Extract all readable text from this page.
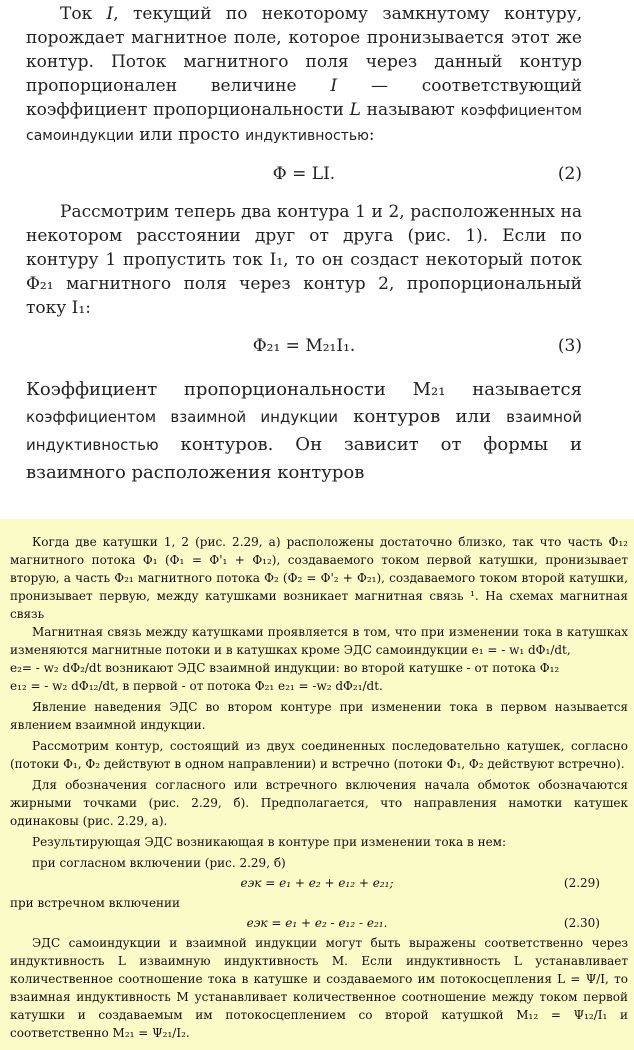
Ток I, текущий по некоторому замкнутому контуру, порождает магнитное поле, которое пронизывается этот же контур. Поток магнитного поля через данный контур пропорционален величине I — соответствующий коэффициент пропорциональности L называют коэффициентом самоиндукции или просто индуктивностью:

Φ = LI.	(2)

Рассмотрим теперь два контура 1 и 2, расположенных на некотором расстоянии друг от друга (рис. 1). Если по контуру 1 пропустить ток I₁, то он создаст некоторый поток Φ₂₁ магнитного поля через контур 2, пропорциональный току I₁:

Φ₂₁ = M₂₁I₁.	(3)

Коэффициент пропорциональности M₂₁ называется коэффициентом взаимной индукции контуров или взаимной индуктивностью контуров. Он зависит от формы и взаимного расположения контуров

Когда две катушки 1, 2 (рис. 2.29, а) расположены достаточно близко, так что часть Φ₁₂ магнитного потока Φ₁ (Φ₁ = Φ'₁ + Φ₁₂), создаваемого током первой катушки, пронизывает вторую, а часть Φ₂₁ магнитного потока Φ₂ (Φ₂ = Φ'₂ + Φ₂₁), создаваемого током второй катушки, пронизывает первую, между катушками возникает магнитная связь ¹. На схемах магнитная связь

Магнитная связь между катушками проявляется в том, что при изменении тока в катушках изменяются магнитные потоки и в катушках кроме ЭДС самоиндукции e₁ = - w₁ dΦ₁/dt,

e₂= - w₂ dΦ₂/dt возникают ЭДС взаимной индукции: во второй катушке - от потока Φ₁₂

e₁₂ = - w₂ dΦ₁₂/dt, в первой - от потока Φ₂₁ e₂₁ = -w₂ dΦ₂₁/dt.

Явление наведения ЭДС во втором контуре при изменении тока в первом называется явлением взаимной индукции.

Рассмотрим контур, состоящий из двух соединенных последовательно катушек, согласно (потоки Φ₁, Φ₂ действуют в одном направлении) и встречно (потоки Φ₁, Φ₂ действуют встречно).

Для обозначения согласного или встречного включения начала обмоток обозначаются жирными точками (рис. 2.29, б). Предполагается, что направления намотки катушек одинаковы (рис. 2.29, а).

Результирующая ЭДС возникающая в контуре при изменении тока в нем:

при согласном включении (рис. 2.29, б)

eэк = e₁ + e₂ + e₁₂ + e₂₁;	(2.29)

при встречном включении

eэк = e₁ + e₂ - e₁₂ - e₂₁.	(2.30)

ЭДС самоиндукции и взаимной индукции могут быть выражены соответственно через индуктивность L изваимную индуктивность M. Если индуктивность L устанавливает количественное соотношение тока в катушке и создаваемого им потокосцепления L = Ψ/I, то взаимная индуктивность M устанавливает количественное соотношение между током первой катушки и создаваемым им потокосцеплением со второй катушкой M₁₂ = Ψ₁₂/I₁ и соответственно M₂₁ = Ψ₂₁/I₂.
